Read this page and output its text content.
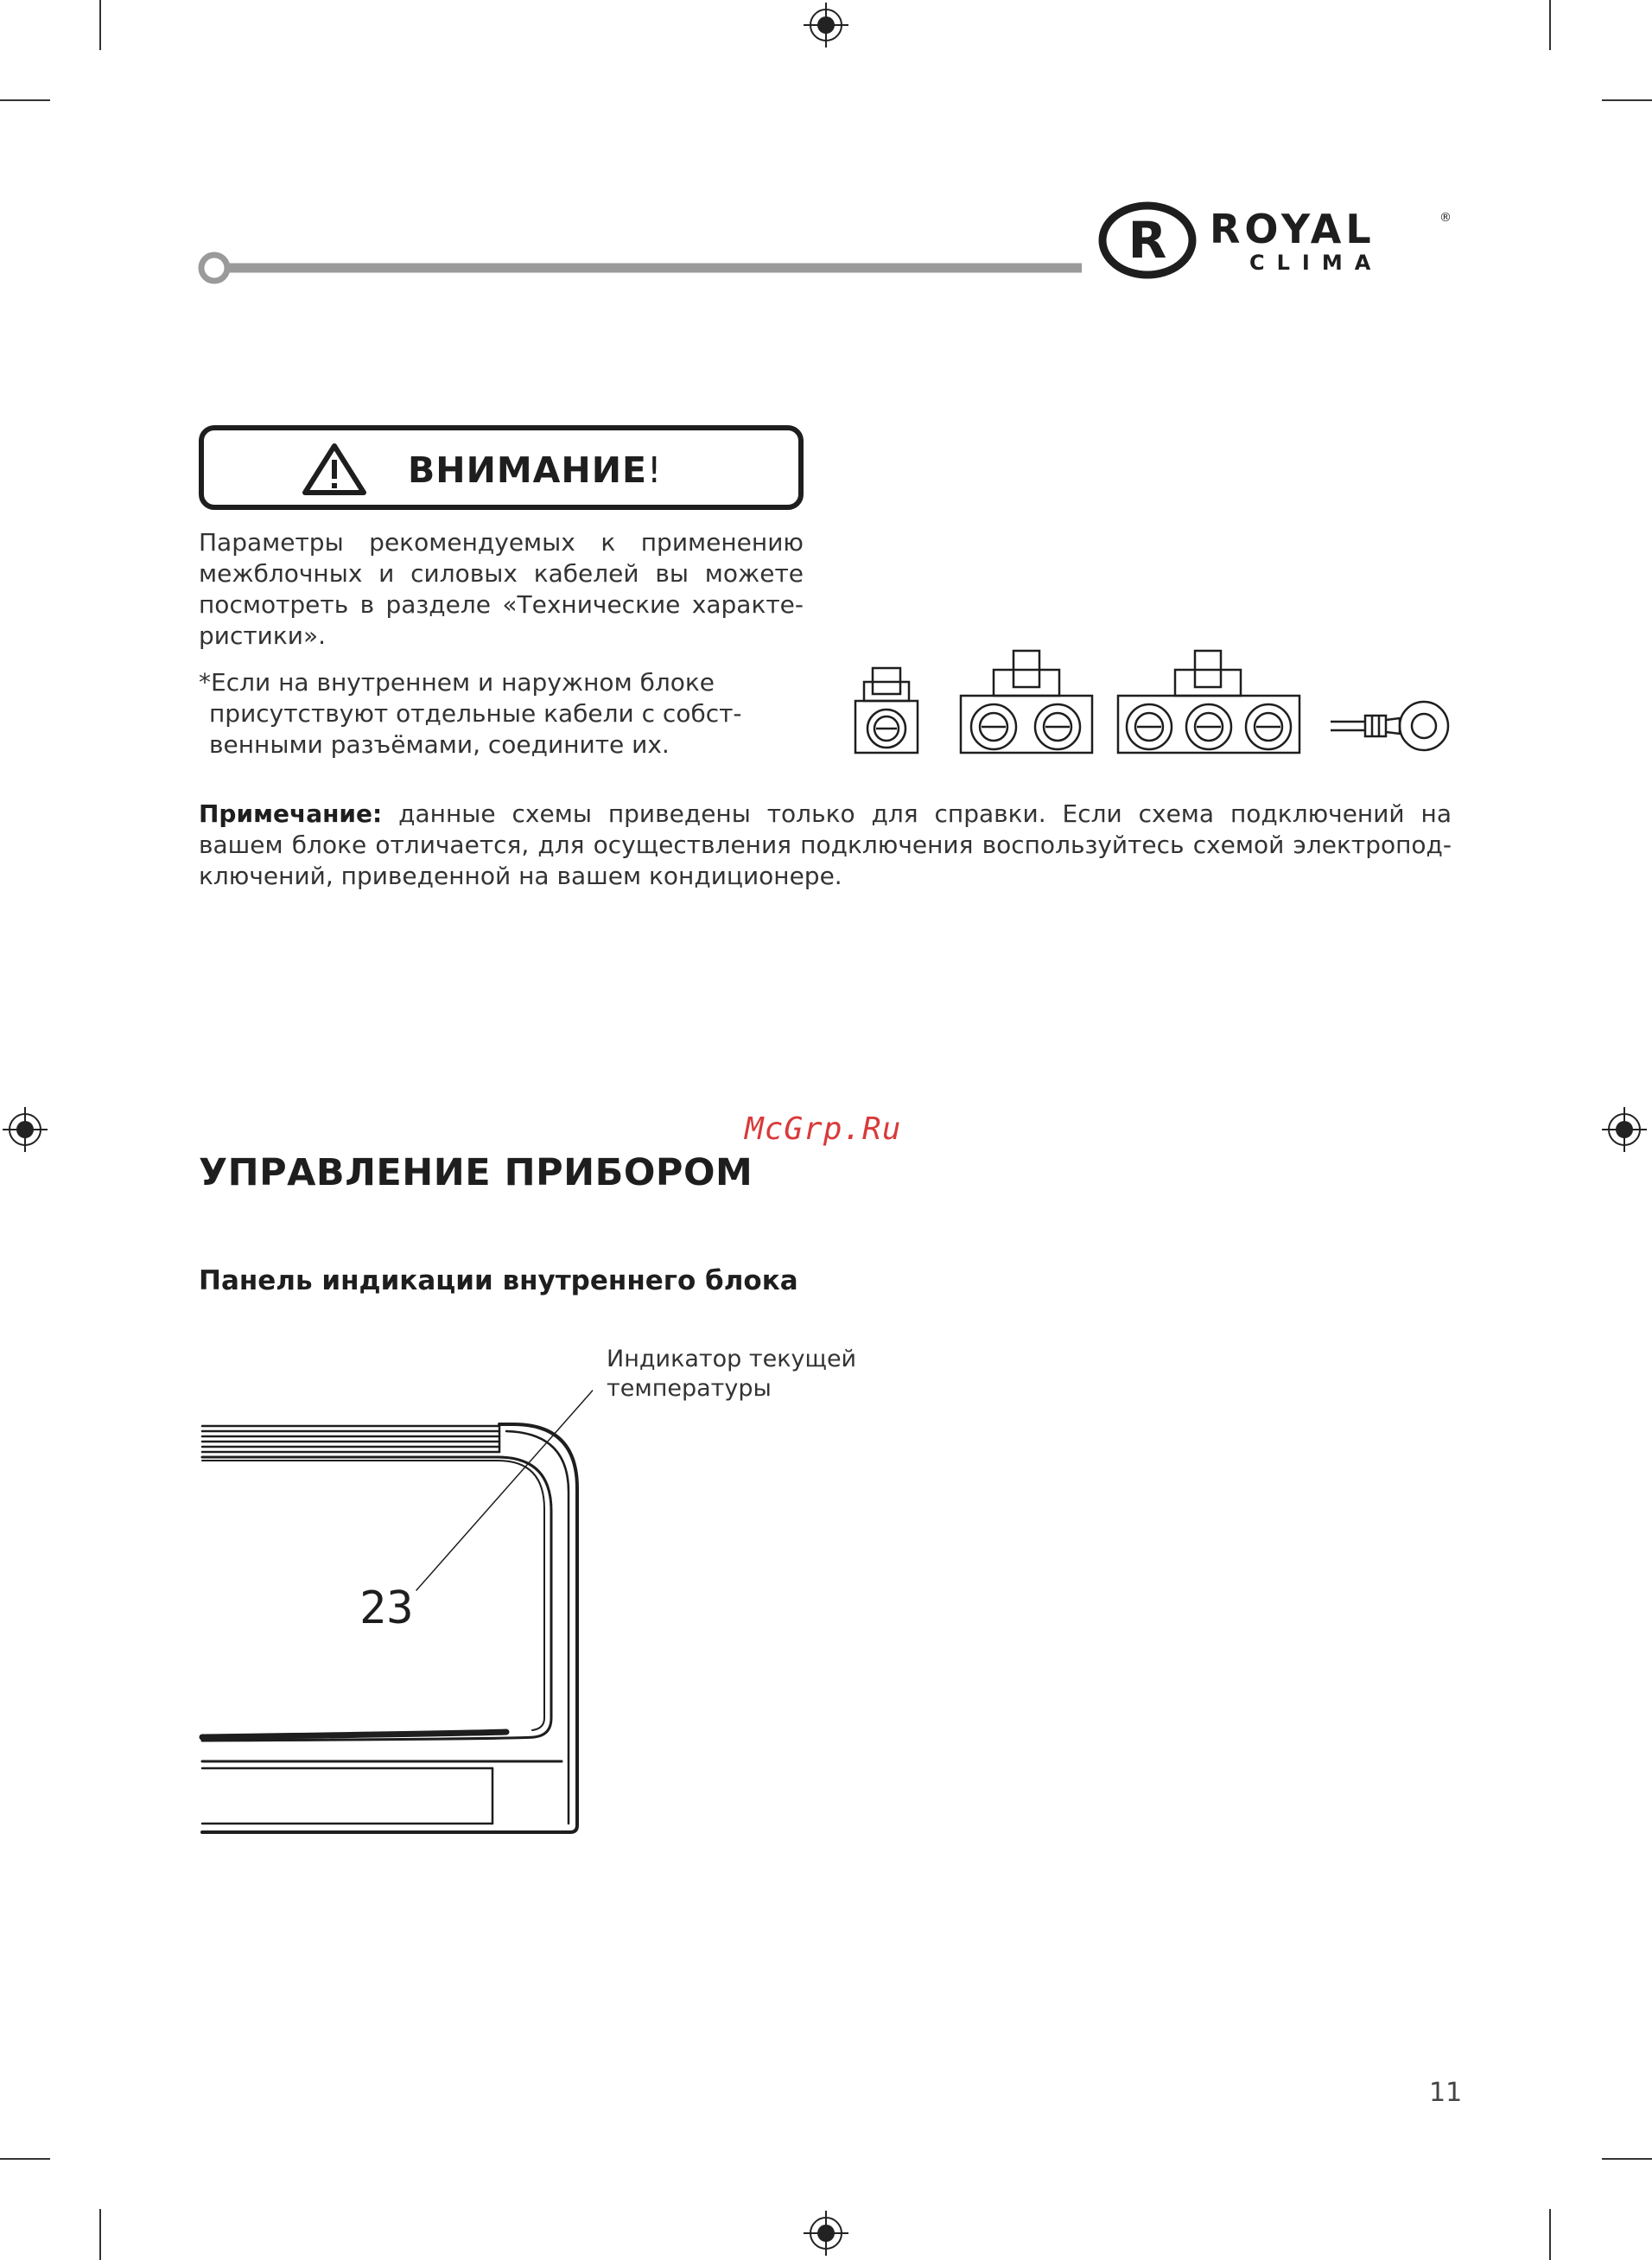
R ROYAL	®
CLIMA
ВНИМАНИЕ!
Параметры рекомендуемых к применению межблочных и силовых кабелей вы можете посмотреть в разделе «Технические характе-ристики».
*Если на внутреннем и наружном блоке
присутствуют отдельные кабели с собст-
венными разъёмами, соедините их.
Примечание: данные схемы приведены только для справки. Если схема подключений на вашем блоке отличается, для осуществления подключения воспользуйтесь схемой электропод-ключений, приведенной на вашем кондиционере.
McGrp.Ru
УПРАВЛЕНИЕ ПРИБОРОМ
Панель индикации внутреннего блока
Индикатор текущей
температуры
23
11
